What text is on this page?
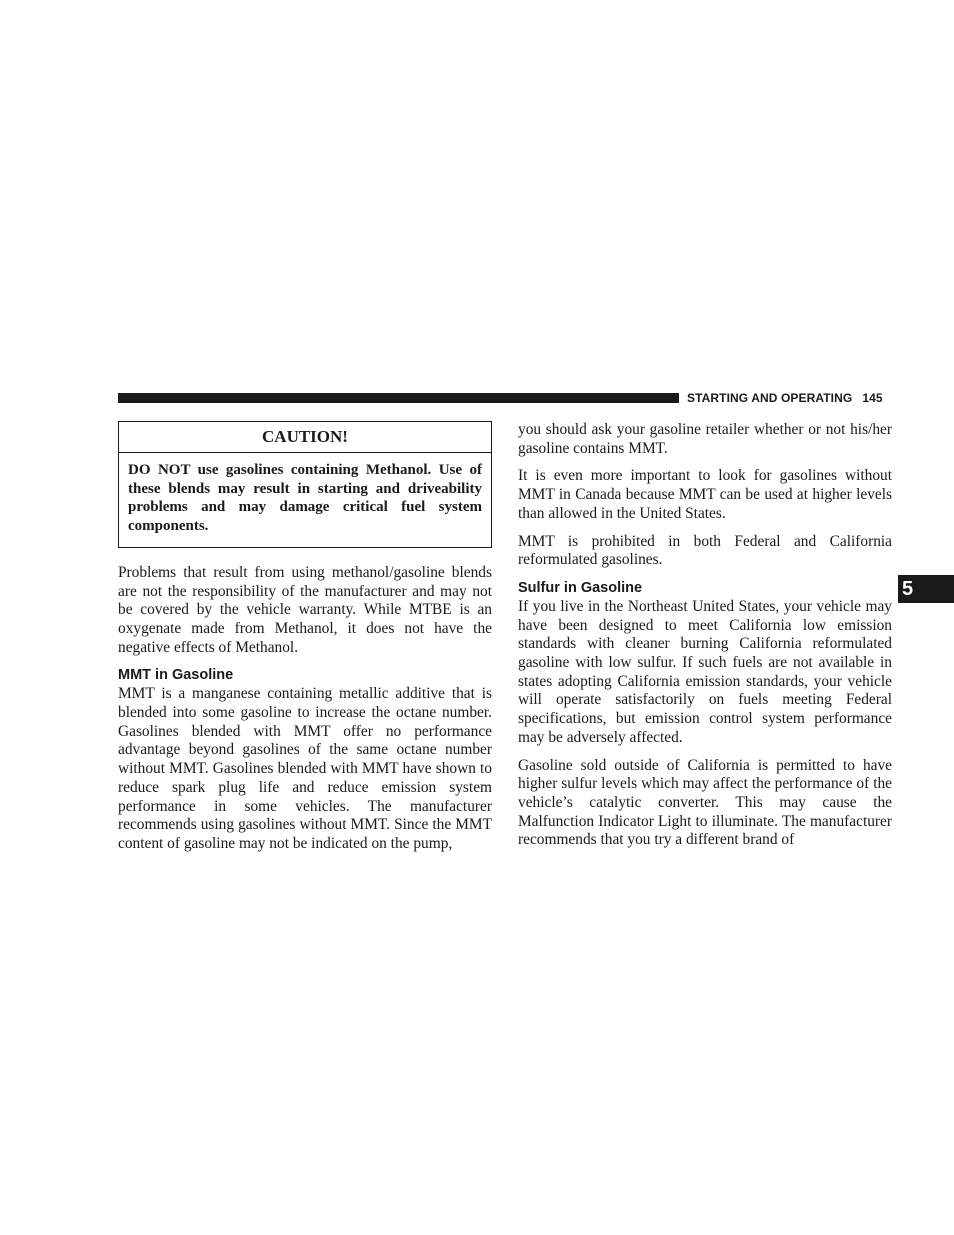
STARTING AND OPERATING 145
CAUTION!
DO NOT use gasolines containing Methanol. Use of these blends may result in starting and driveability problems and may damage critical fuel system components.

Problems that result from using methanol/gasoline blends are not the responsibility of the manufacturer and may not be covered by the vehicle warranty. While MTBE is an oxygenate made from Methanol, it does not have the negative effects of Methanol.

MMT in Gasoline

MMT is a manganese containing metallic additive that is blended into some gasoline to increase the octane number. Gasolines blended with MMT offer no performance advantage beyond gasolines of the same octane number without MMT. Gasolines blended with MMT have shown to reduce spark plug life and reduce emission system performance in some vehicles. The manufacturer recommends using gasolines without MMT. Since the MMT content of gasoline may not be indicated on the pump,

you should ask your gasoline retailer whether or not his/her gasoline contains MMT.

It is even more important to look for gasolines without MMT in Canada because MMT can be used at higher levels than allowed in the United States.

MMT is prohibited in both Federal and California reformulated gasolines.

Sulfur in Gasoline

If you live in the Northeast United States, your vehicle may have been designed to meet California low emission standards with cleaner burning California reformulated gasoline with low sulfur. If such fuels are not available in states adopting California emission standards, your vehicle will operate satisfactorily on fuels meeting Federal specifications, but emission control system performance may be adversely affected.

Gasoline sold outside of California is permitted to have higher sulfur levels which may affect the performance of the vehicle’s catalytic converter. This may cause the Malfunction Indicator Light to illuminate. The manufacturer recommends that you try a different brand of

5
